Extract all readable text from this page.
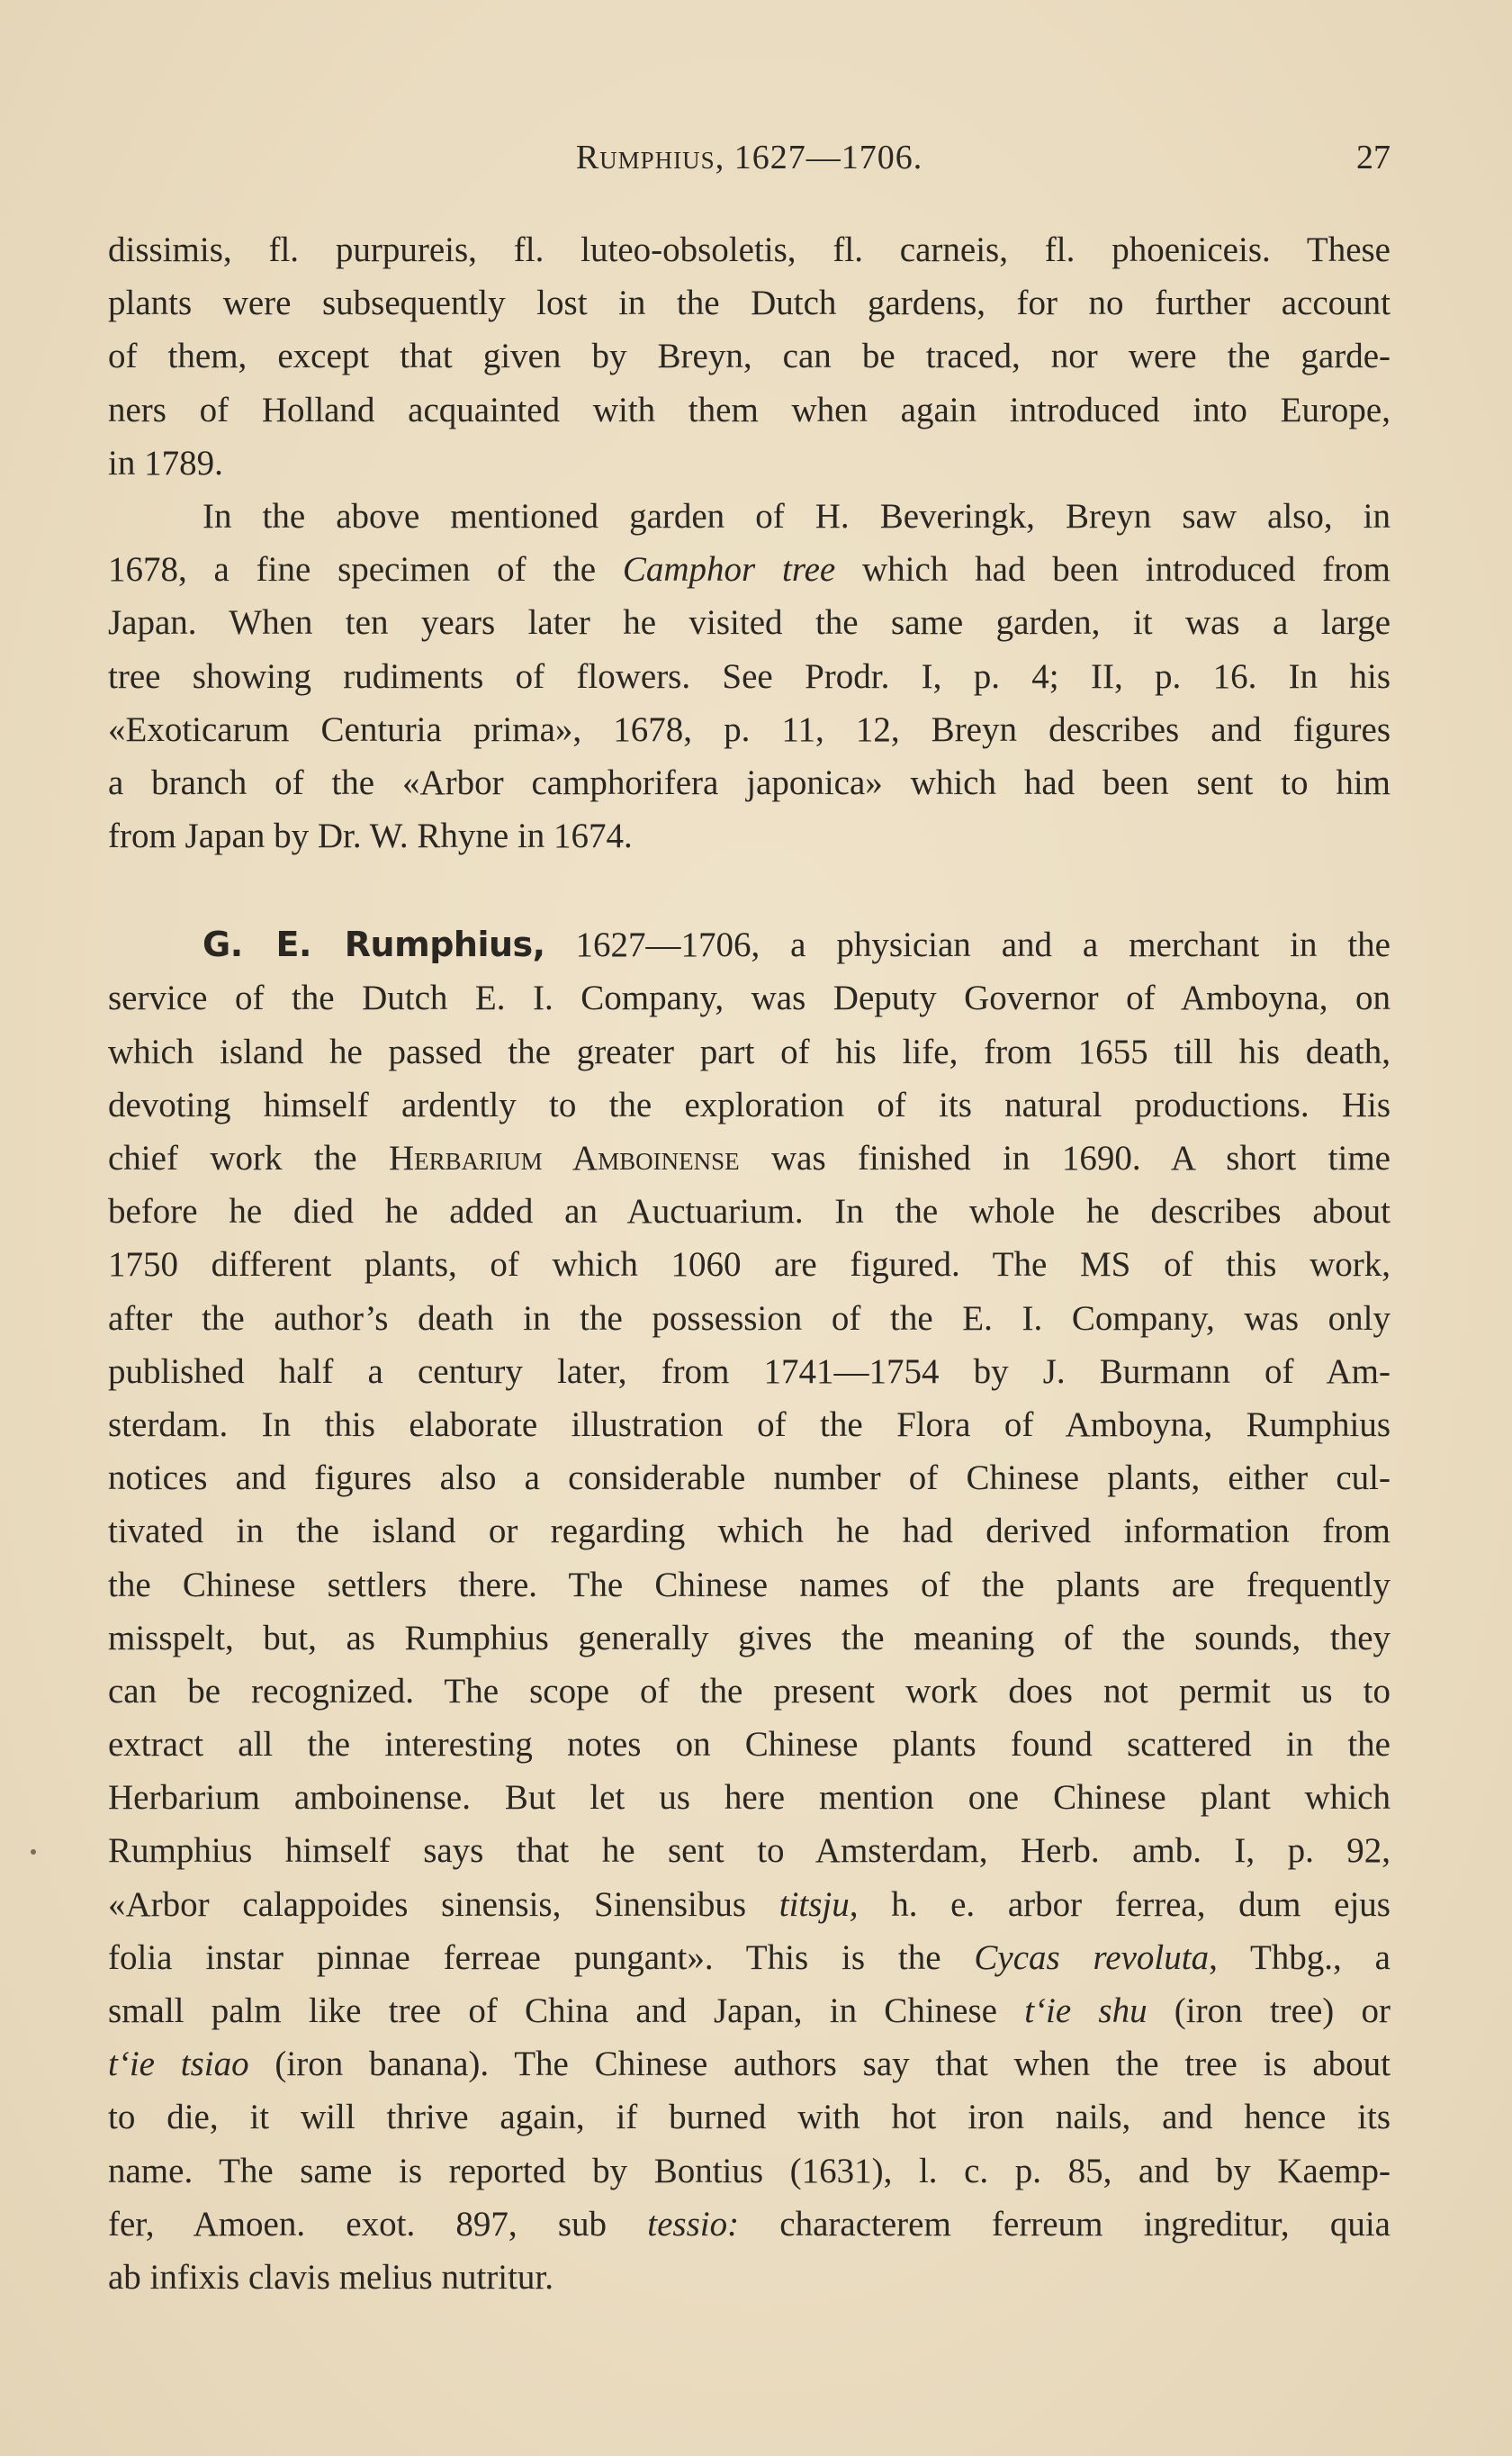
Rumphius, 1627—1706.	27
dissimis, fl. purpureis, fl. luteo-obsoletis, fl. carneis, fl. phoeniceis. These
plants were subsequently lost in the Dutch gardens, for no further account
of them, except that given by Breyn, can be traced, nor were the garde-
ners of Holland acquainted with them when again introduced into Europe,
in 1789.
In the above mentioned garden of H. Beveringk, Breyn saw also, in
1678, a fine specimen of the Camphor tree which had been introduced from
Japan. When ten years later he visited the same garden, it was a large
tree showing rudiments of flowers. See Prodr. I, p. 4; II, p. 16. In his
«Exoticarum Centuria prima», 1678, p. 11, 12, Breyn describes and figures
a branch of the «Arbor camphorifera japonica» which had been sent to him
from Japan by Dr. W. Rhyne in 1674.
G. E. Rumphius, 1627—1706, a physician and a merchant in the
service of the Dutch E. I. Company, was Deputy Governor of Amboyna, on
which island he passed the greater part of his life, from 1655 till his death,
devoting himself ardently to the exploration of its natural productions. His
chief work the Herbarium Amboinense was finished in 1690. A short time
before he died he added an Auctuarium. In the whole he describes about
1750 different plants, of which 1060 are figured. The MS of this work,
after the author’s death in the possession of the E. I. Company, was only
published half a century later, from 1741—1754 by J. Burmann of Am-
sterdam. In this elaborate illustration of the Flora of Amboyna, Rumphius
notices and figures also a considerable number of Chinese plants, either cul-
tivated in the island or regarding which he had derived information from
the Chinese settlers there. The Chinese names of the plants are frequently
misspelt, but, as Rumphius generally gives the meaning of the sounds, they
can be recognized. The scope of the present work does not permit us to
extract all the interesting notes on Chinese plants found scattered in the
Herbarium amboinense. But let us here mention one Chinese plant which
Rumphius himself says that he sent to Amsterdam, Herb. amb. I, p. 92,
«Arbor calappoides sinensis, Sinensibus titsju, h. e. arbor ferrea, dum ejus
folia instar pinnae ferreae pungant». This is the Cycas revoluta, Thbg., a
small palm like tree of China and Japan, in Chinese t‘ie shu (iron tree) or
t‘ie tsiao (iron banana). The Chinese authors say that when the tree is about
to die, it will thrive again, if burned with hot iron nails, and hence its
name. The same is reported by Bontius (1631), l. c. p. 85, and by Kaemp-
fer, Amoen. exot. 897, sub tessio: characterem ferreum ingreditur, quia
ab infixis clavis melius nutritur.
